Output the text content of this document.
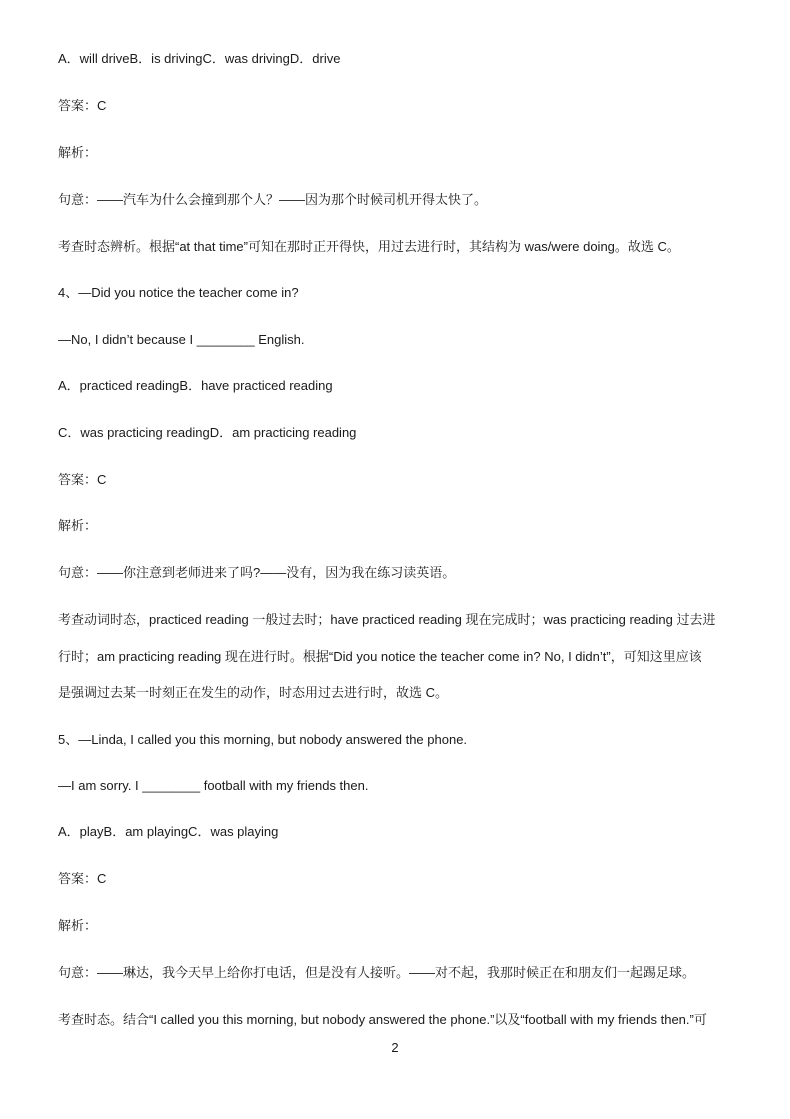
A．will driveB．is drivingC．was drivingD．drive
答案：C
解析：
句意：——汽车为什么会撞到那个人？——因为那个时候司机开得太快了。
考查时态辨析。根据“at that time”可知在那时正开得快，用过去进行时，其结构为 was/were doing。故选 C。
4、—Did you notice the teacher come in?
—No, I didn’t because I ________ English.
A．practiced readingB．have practiced reading
C．was practicing readingD．am practicing reading
答案：C
解析：
句意：——你注意到老师进来了吗?——没有，因为我在练习读英语。
考查动词时态，practiced reading 一般过去时；have practiced reading 现在完成时；was practicing reading 过去进
行时；am practicing reading 现在进行时。根据“Did you notice the teacher come in? No, I didn’t”，可知这里应该
是强调过去某一时刻正在发生的动作，时态用过去进行时，故选 C。
5、—Linda, I called you this morning, but nobody answered the phone.
—I am sorry. I ________ football with my friends then.
A．playB．am playingC．was playing
答案：C
解析：
句意：——琳达，我今天早上给你打电话，但是没有人接听。——对不起，我那时候正在和朋友们一起踢足球。
考查时态。结合“I called you this morning, but nobody answered the phone.”以及“football with my friends then.”可
2
